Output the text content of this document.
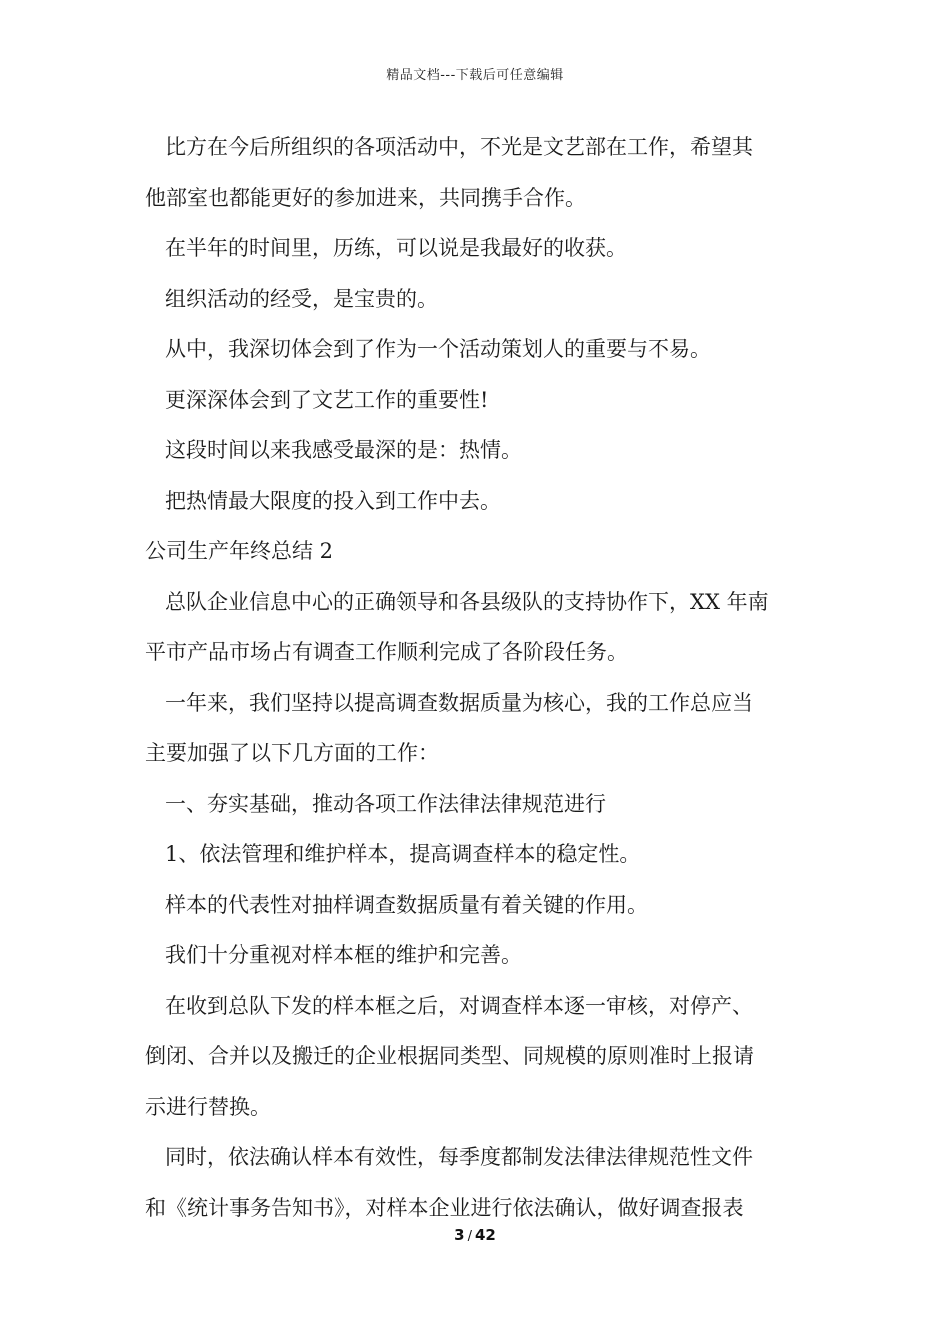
精品文档---下载后可任意编辑
比方在今后所组织的各项活动中，不光是文艺部在工作，希望其
他部室也都能更好的参加进来，共同携手合作。
在半年的时间里，历练，可以说是我最好的收获。
组织活动的经受，是宝贵的。
从中，我深切体会到了作为一个活动策划人的重要与不易。
更深深体会到了文艺工作的重要性!
这段时间以来我感受最深的是：热情。
把热情最大限度的投入到工作中去。
公司生产年终总结 2
总队企业信息中心的正确领导和各县级队的支持协作下，XX 年南
平市产品市场占有调查工作顺利完成了各阶段任务。
一年来，我们坚持以提高调查数据质量为核心，我的工作总应当
主要加强了以下几方面的工作：
一、夯实基础，推动各项工作法律法律规范进行
1、依法管理和维护样本，提高调查样本的稳定性。
样本的代表性对抽样调查数据质量有着关键的作用。
我们十分重视对样本框的维护和完善。
在收到总队下发的样本框之后，对调查样本逐一审核，对停产、
倒闭、合并以及搬迁的企业根据同类型、同规模的原则准时上报请
示进行替换。
同时，依法确认样本有效性，每季度都制发法律法律规范性文件
和《统计事务告知书》，对样本企业进行依法确认，做好调查报表
3 / 42
